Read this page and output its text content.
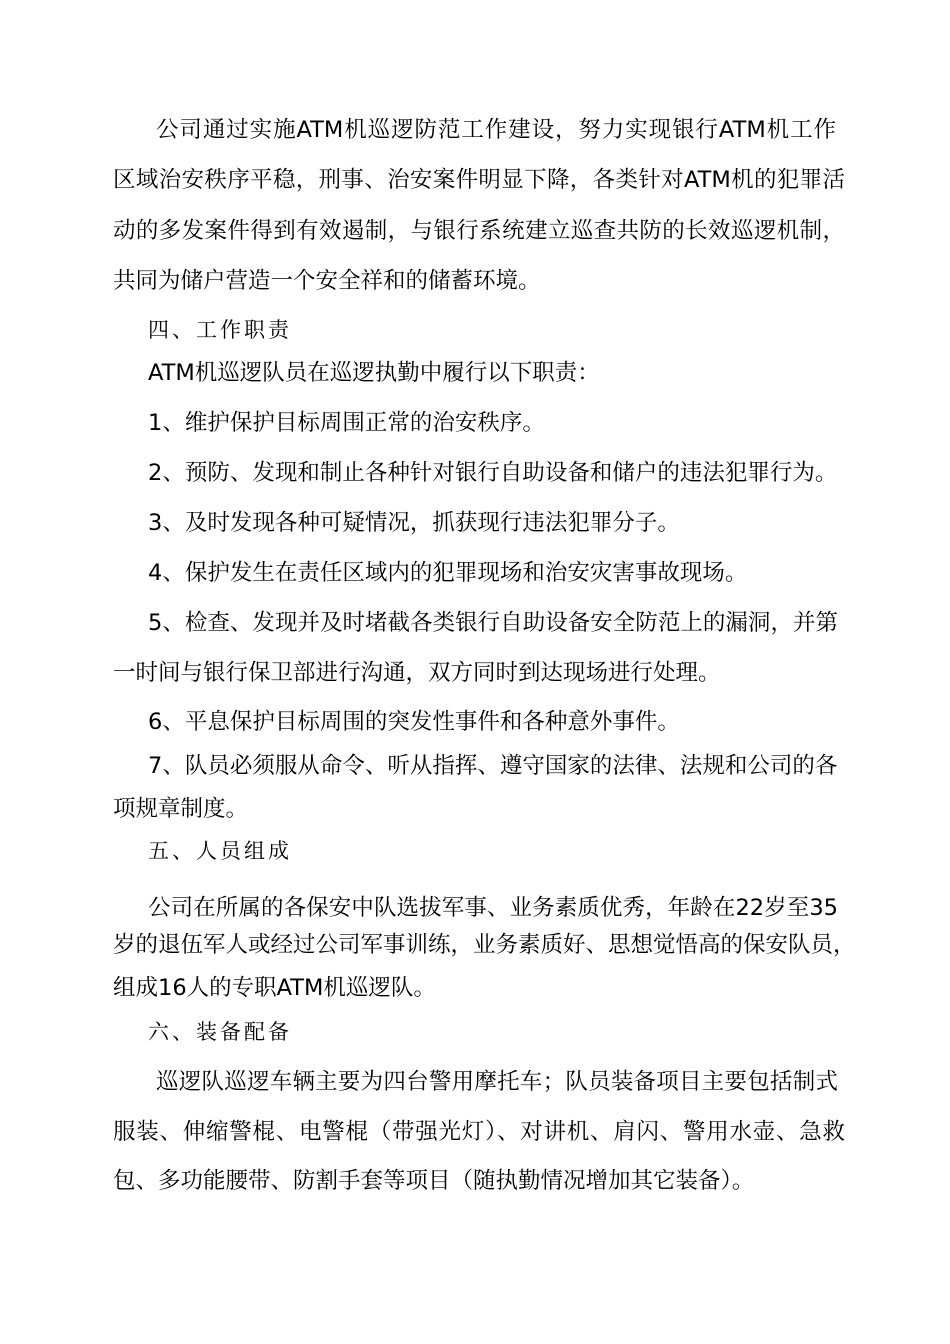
公司通过实施ATM机巡逻防范工作建设，努力实现银行ATM机工作
区域治安秩序平稳，刑事、治安案件明显下降，各类针对ATM机的犯罪活
动的多发案件得到有效遏制，与银行系统建立巡查共防的长效巡逻机制，
共同为储户营造一个安全祥和的储蓄环境。
四、工作职责
ATM机巡逻队员在巡逻执勤中履行以下职责：
1、维护保护目标周围正常的治安秩序。
2、预防、发现和制止各种针对银行自助设备和储户的违法犯罪行为。
3、及时发现各种可疑情况，抓获现行违法犯罪分子。
4、保护发生在责任区域内的犯罪现场和治安灾害事故现场。
5、检查、发现并及时堵截各类银行自助设备安全防范上的漏洞，并第
一时间与银行保卫部进行沟通，双方同时到达现场进行处理。
6、平息保护目标周围的突发性事件和各种意外事件。
7、队员必须服从命令、听从指挥、遵守国家的法律、法规和公司的各
项规章制度。
五、人员组成
公司在所属的各保安中队选拔军事、业务素质优秀，年龄在22岁至35
岁的退伍军人或经过公司军事训练，业务素质好、思想觉悟高的保安队员，
组成16人的专职ATM机巡逻队。
六、装备配备
巡逻队巡逻车辆主要为四台警用摩托车；队员装备项目主要包括制式
服装、伸缩警棍、电警棍（带强光灯）、对讲机、肩闪、警用水壶、急救
包、多功能腰带、防割手套等项目（随执勤情况增加其它装备）。
